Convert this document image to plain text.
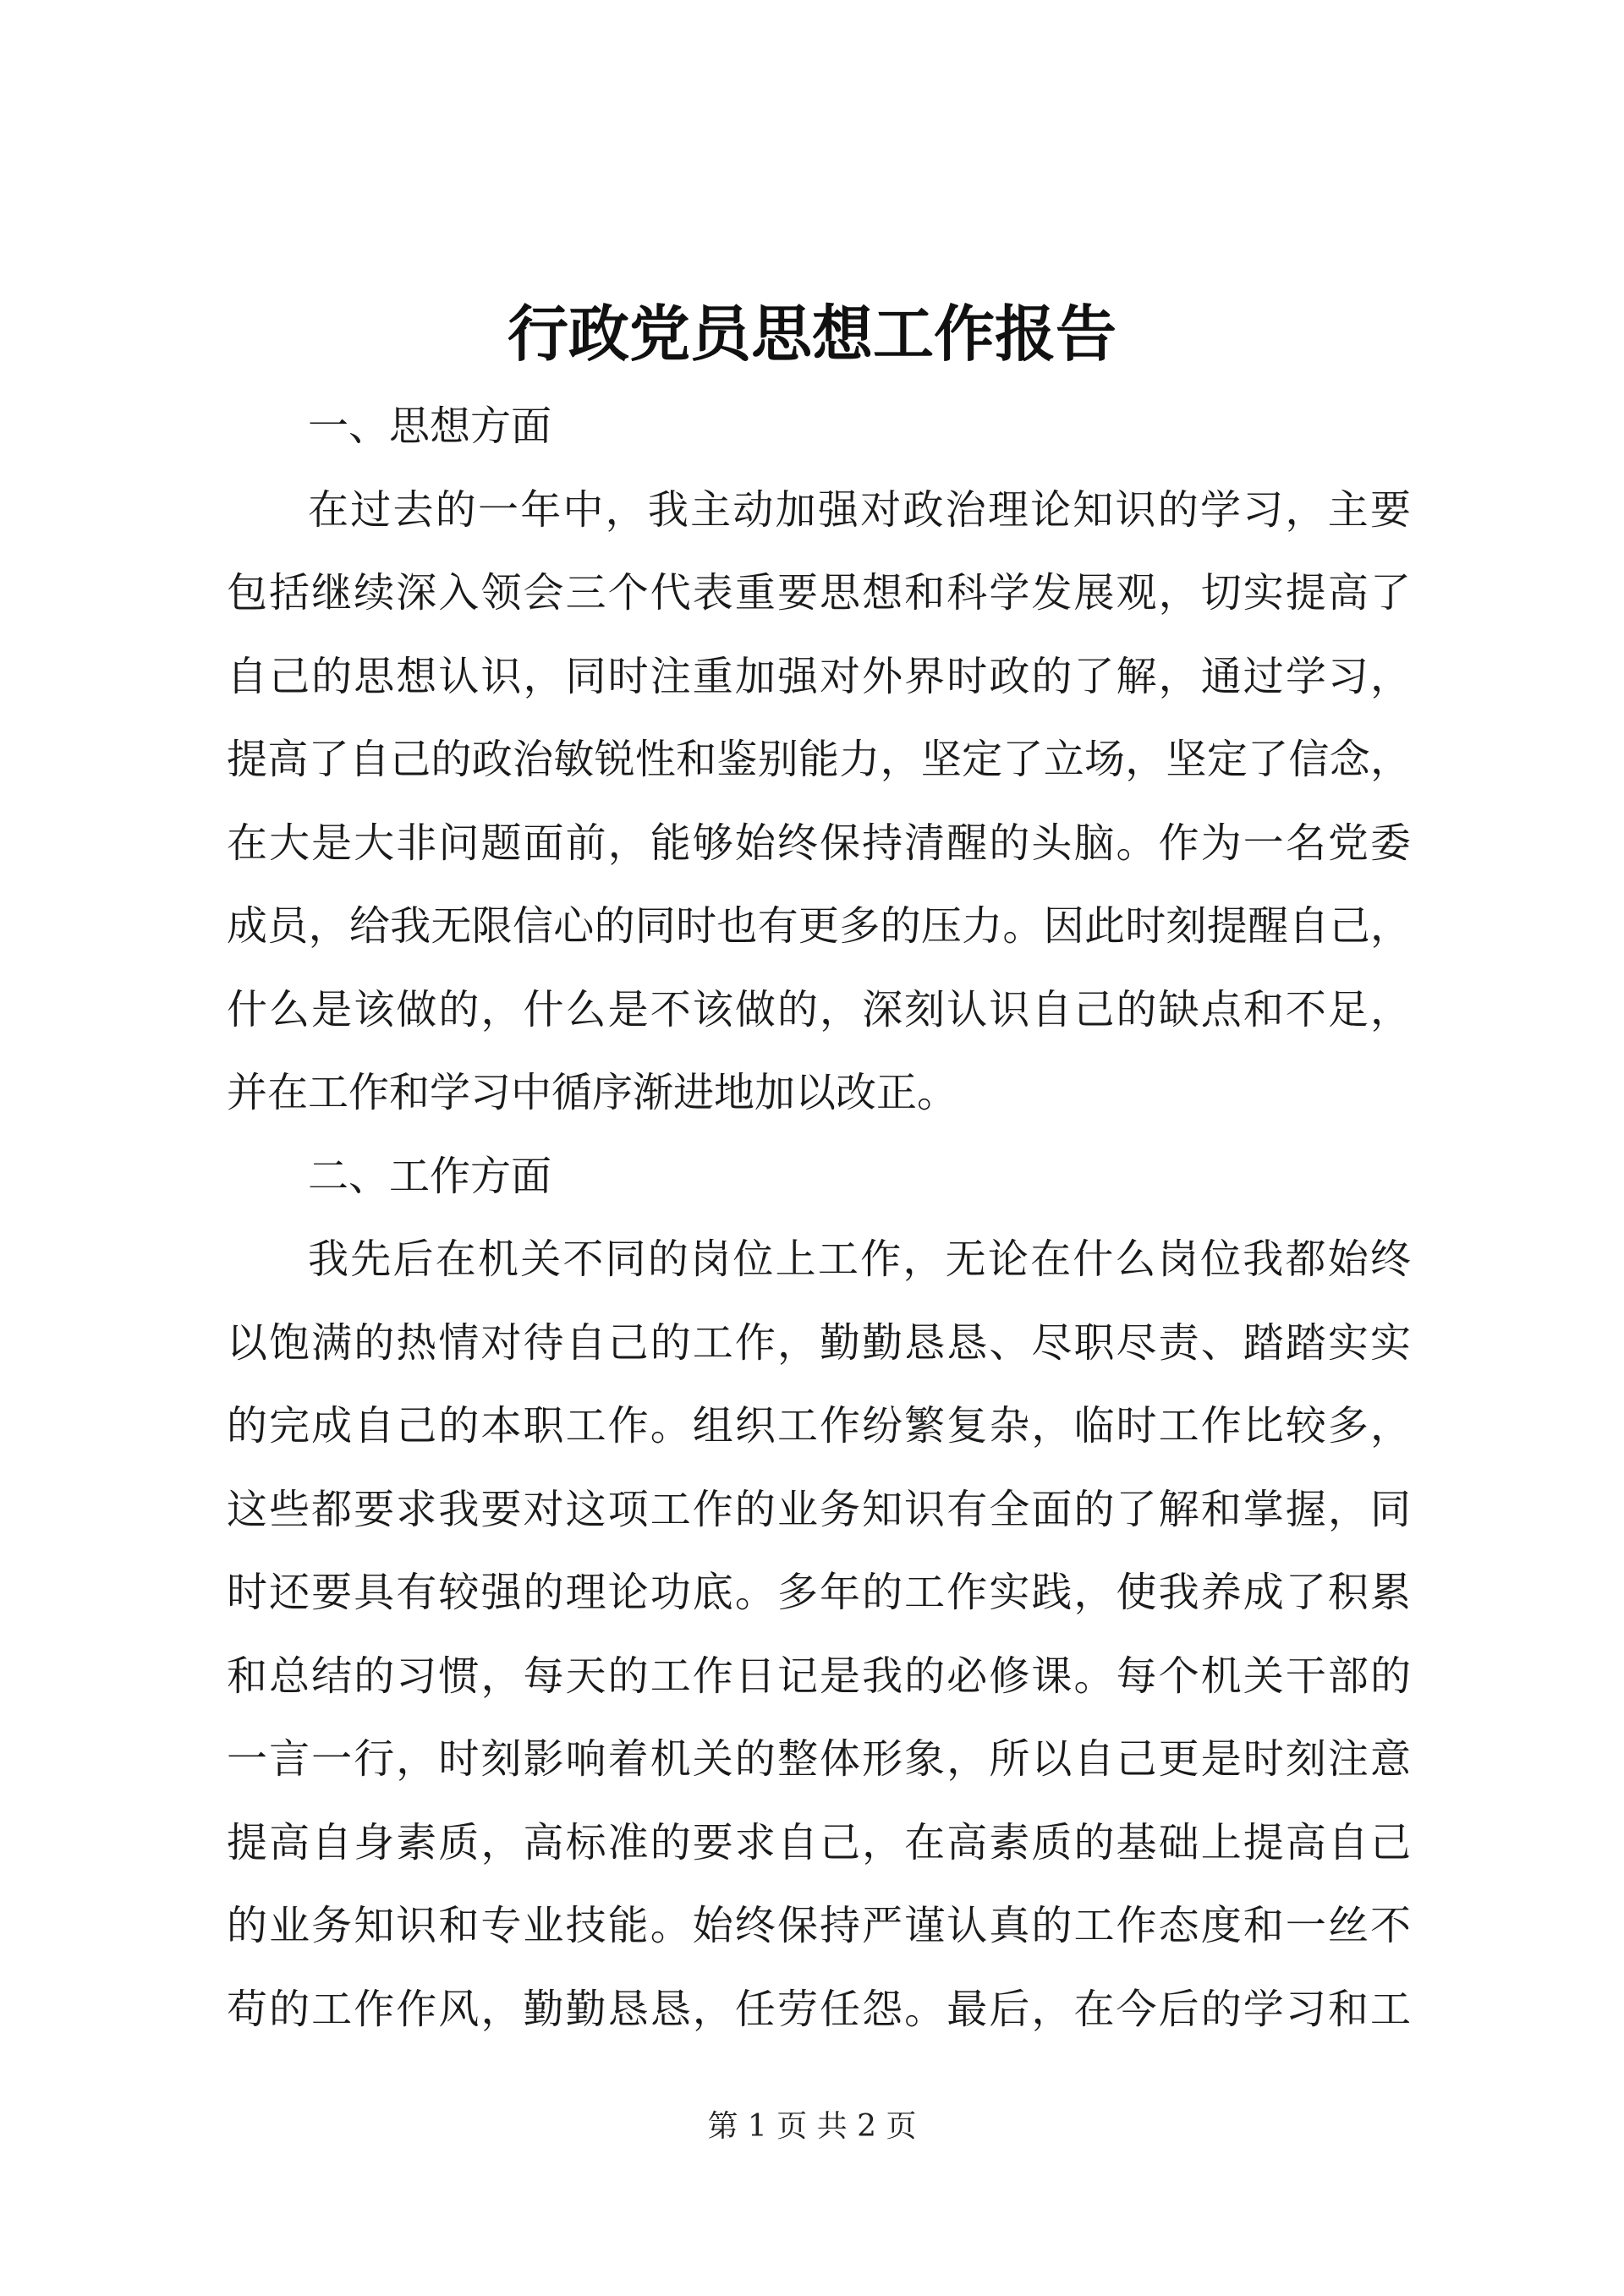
行政党员思想工作报告
一、思想方面
在过去的一年中，我主动加强对政治理论知识的学习，主要
包括继续深入领会三个代表重要思想和科学发展观，切实提高了
自己的思想认识，同时注重加强对外界时政的了解，通过学习，
提高了自己的政治敏锐性和鉴别能力，坚定了立场，坚定了信念，
在大是大非问题面前，能够始终保持清醒的头脑。作为一名党委
成员，给我无限信心的同时也有更多的压力。因此时刻提醒自己，
什么是该做的，什么是不该做的，深刻认识自己的缺点和不足，
并在工作和学习中循序渐进地加以改正。
二、工作方面
我先后在机关不同的岗位上工作，无论在什么岗位我都始终
以饱满的热情对待自己的工作，勤勤恳恳、尽职尽责、踏踏实实
的完成自己的本职工作。组织工作纷繁复杂，临时工作比较多，
这些都要求我要对这项工作的业务知识有全面的了解和掌握，同
时还要具有较强的理论功底。多年的工作实践，使我养成了积累
和总结的习惯，每天的工作日记是我的必修课。每个机关干部的
一言一行，时刻影响着机关的整体形象，所以自己更是时刻注意
提高自身素质，高标准的要求自己，在高素质的基础上提高自己
的业务知识和专业技能。始终保持严谨认真的工作态度和一丝不
苟的工作作风，勤勤恳恳，任劳任怨。最后，在今后的学习和工
第 1 页 共 2 页
